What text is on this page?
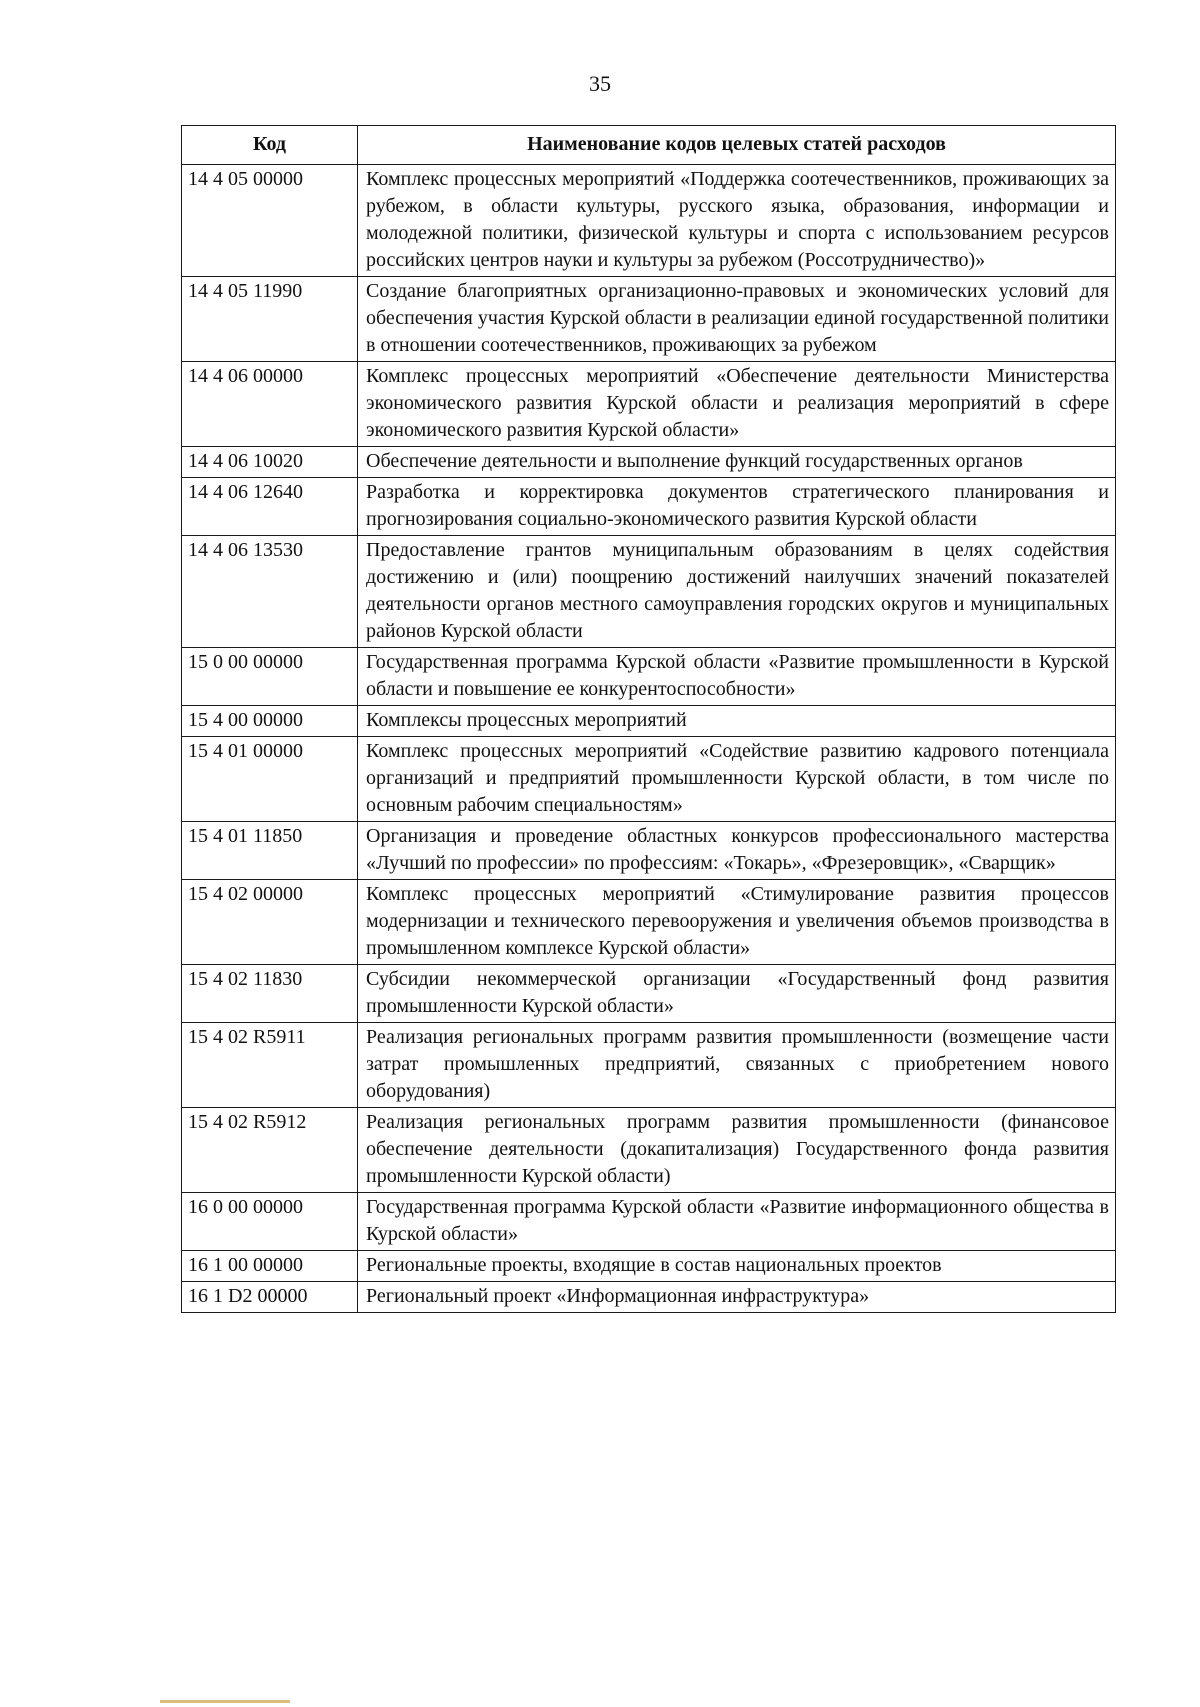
35
Код	Наименование кодов целевых статей расходов
14 4 05 00000	Комплекс процессных мероприятий «Поддержка соотечественников, проживающих за рубежом, в области культуры, русского языка, образования, информации и молодежной политики, физической культуры и спорта с использованием ресурсов российских центров науки и культуры за рубежом (Россотрудничество)»
14 4 05 11990	Создание благоприятных организационно-правовых и экономических условий для обеспечения участия Курской области в реализации единой государственной политики в отношении соотечественников, проживающих за рубежом
14 4 06 00000	Комплекс процессных мероприятий «Обеспечение деятельности Министерства экономического развития Курской области и реализация мероприятий в сфере экономического развития Курской области»
14 4 06 10020	Обеспечение деятельности и выполнение функций государственных органов
14 4 06 12640	Разработка и корректировка документов стратегического планирования и прогнозирования социально-экономического развития Курской области
14 4 06 13530	Предоставление грантов муниципальным образованиям в целях содействия достижению и (или) поощрению достижений наилучших значений показателей деятельности органов местного самоуправления городских округов и муниципальных районов Курской области
15 0 00 00000	Государственная программа Курской области «Развитие промышленности в Курской области и повышение ее конкурентоспособности»
15 4 00 00000	Комплексы процессных мероприятий
15 4 01 00000	Комплекс процессных мероприятий «Содействие развитию кадрового потенциала организаций и предприятий промышленности Курской области, в том числе по основным рабочим специальностям»
15 4 01 11850	Организация и проведение областных конкурсов профессионального мастерства «Лучший по профессии» по профессиям: «Токарь», «Фрезеровщик», «Сварщик»
15 4 02 00000	Комплекс процессных мероприятий «Стимулирование развития процессов модернизации и технического перевооружения и увеличения объемов производства в промышленном комплексе Курской области»
15 4 02 11830	Субсидии некоммерческой организации «Государственный фонд развития промышленности Курской области»
15 4 02 R5911	Реализация региональных программ развития промышленности (возмещение части затрат промышленных предприятий, связанных с приобретением нового оборудования)
15 4 02 R5912	Реализация региональных программ развития промышленности (финансовое обеспечение деятельности (докапитализация) Государственного фонда развития промышленности Курской области)
16 0 00 00000	Государственная программа Курской области «Развитие информационного общества в Курской области»
16 1 00 00000	Региональные проекты, входящие в состав национальных проектов
16 1 D2 00000	Региональный проект «Информационная инфраструктура»
